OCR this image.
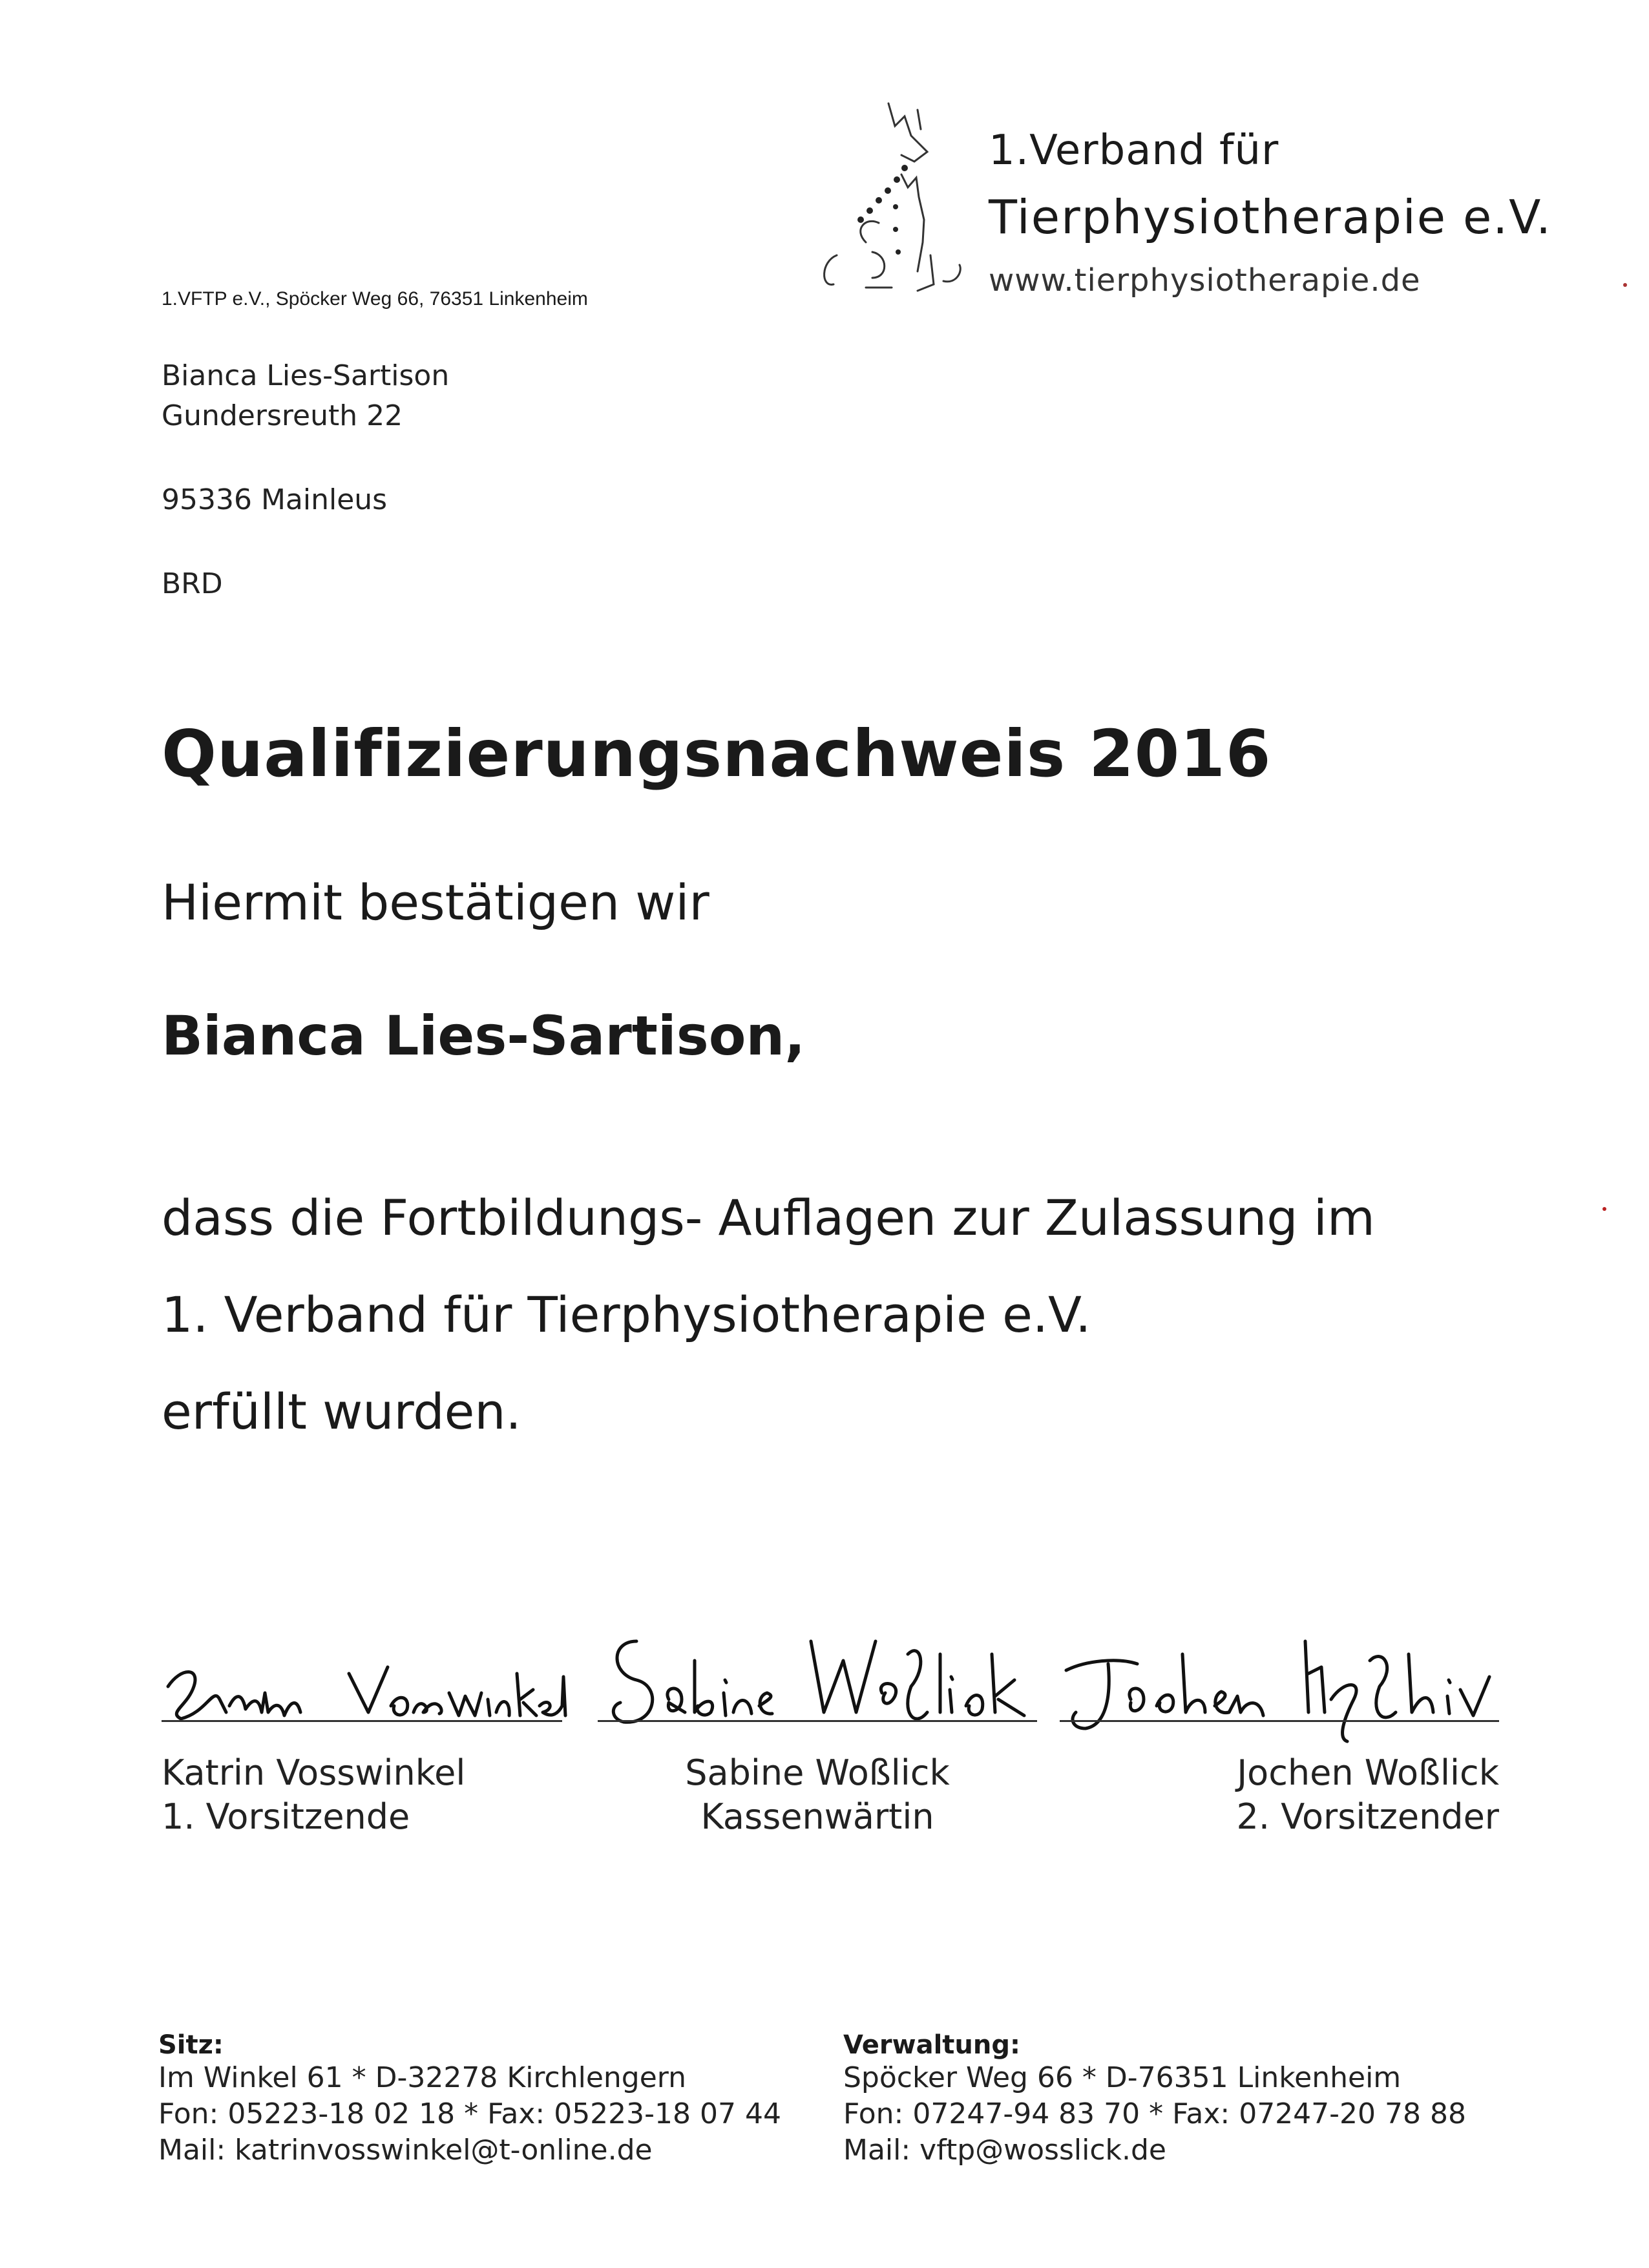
1.Verband für
Tierphysiotherapie e.V.
www.tierphysiotherapie.de
1.VFTP e.V., Spöcker Weg 66, 76351 Linkenheim
Bianca Lies-Sartison
Gundersreuth 22
95336 Mainleus
BRD
Qualifizierungsnachweis 2016
Hiermit bestätigen wir
Bianca Lies-Sartison,
dass die Fortbildungs- Auflagen zur Zulassung im
1. Verband für Tierphysiotherapie e.V.
erfüllt wurden.
Katrin Vosswinkel
1. Vorsitzende
Sabine Woßlick
Kassenwärtin
Jochen Woßlick
2. Vorsitzender
Sitz:
Im Winkel 61 * D-32278 Kirchlengern
Fon: 05223-18 02 18 * Fax: 05223-18 07 44
Mail: katrinvosswinkel@t-online.de
Verwaltung:
Spöcker Weg 66 * D-76351 Linkenheim
Fon: 07247-94 83 70 * Fax: 07247-20 78 88
Mail: vftp@wosslick.de
